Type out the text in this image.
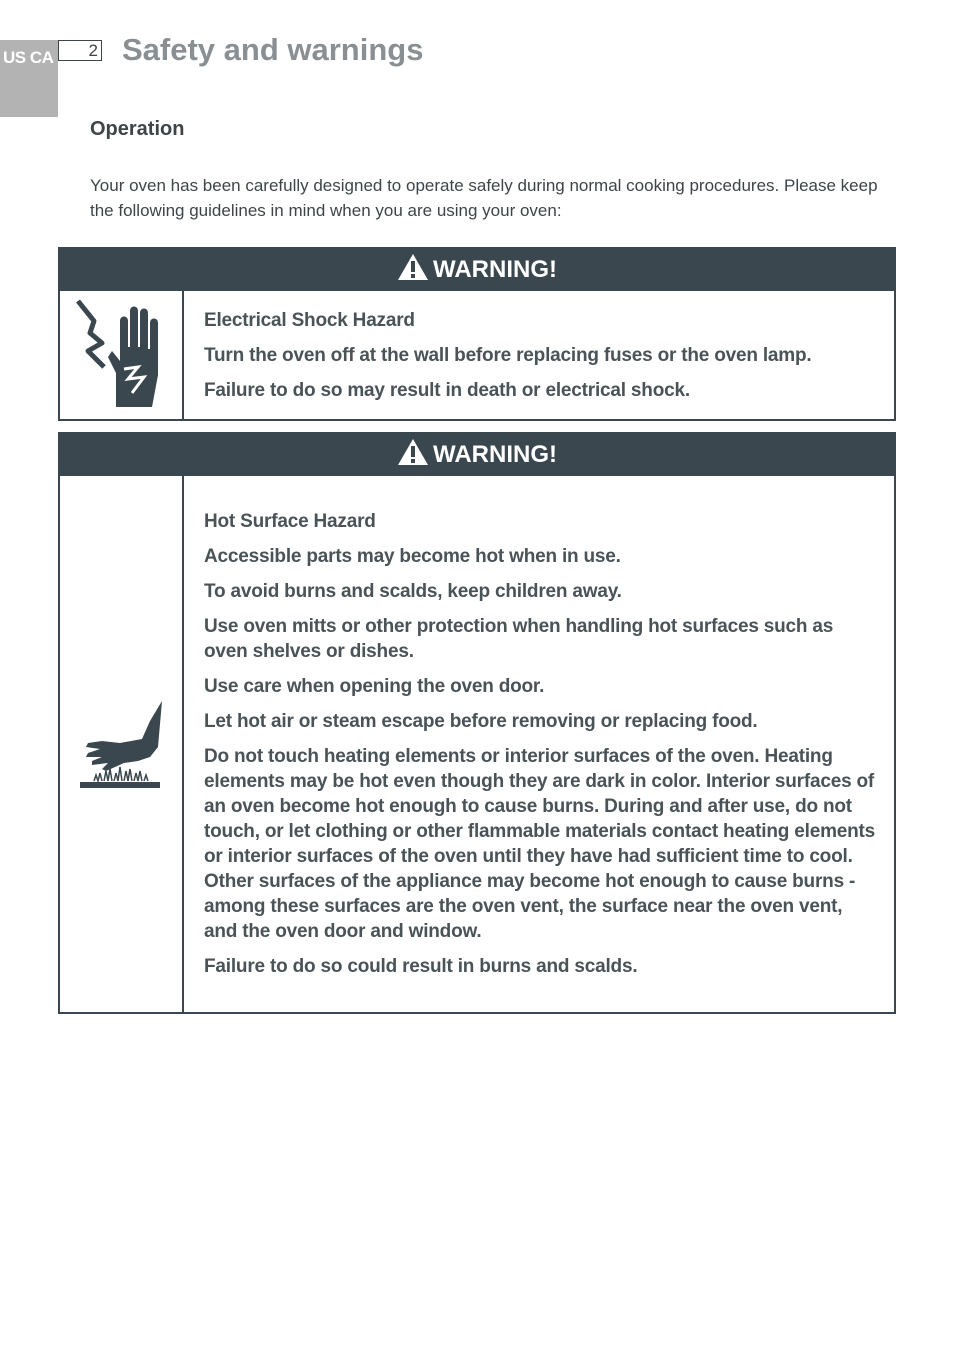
US CA	2 Safety and warnings
Operation

Your oven has been carefully designed to operate safely during normal cooking procedures. Please keep the following guidelines in mind when you are using your oven:

WARNING!

Electrical Shock Hazard

Turn the oven off at the wall before replacing fuses or the oven lamp.

Failure to do so may result in death or electrical shock.

WARNING!

Hot Surface Hazard

Accessible parts may become hot when in use.

To avoid burns and scalds, keep children away.

Use oven mitts or other protection when handling hot surfaces such as oven shelves or dishes.

Use care when opening the oven door.

Let hot air or steam escape before removing or replacing food.

Do not touch heating elements or interior surfaces of the oven. Heating elements may be hot even though they are dark in color. Interior surfaces of an oven become hot enough to cause burns. During and after use, do not touch, or let clothing or other flammable materials contact heating elements or interior surfaces of the oven until they have had sufficient time to cool. Other surfaces of the appliance may become hot enough to cause burns - among these surfaces are the oven vent, the surface near the oven vent, and the oven door and window.

Failure to do so could result in burns and scalds.
